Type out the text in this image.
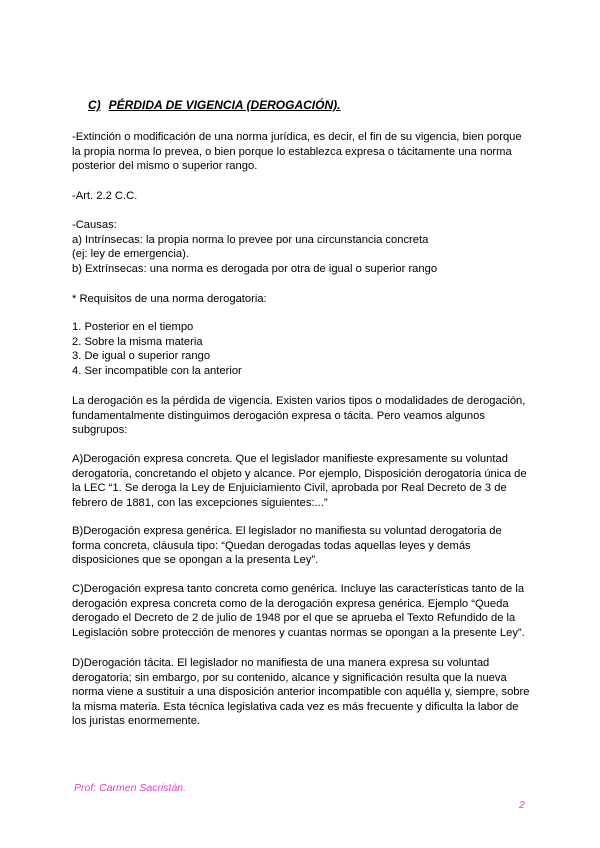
C) PÉRDIDA DE VIGENCIA (DEROGACIÓN).
-Extinción o modificación de una norma jurídica, es decir, el fin de su vigencia, bien porque
la propia norma lo prevea, o bien porque lo establezca expresa o tácitamente una norma
posterior del mismo o superior rango.
-Art. 2.2 C.C.
-Causas:
a) Intrínsecas: la propia norma lo prevee por una circunstancia concreta
(ej: ley de emergencia).
b) Extrínsecas: una norma es derogada por otra de igual o superior rango
* Requisitos de una norma derogatoria:
1. Posterior en el tiempo
2. Sobre la misma materia
3. De igual o superior rango
4. Ser incompatible con la anterior
La derogación es la pérdida de vigencia. Existen varios tipos o modalidades de derogación,
fundamentalmente distinguimos derogación expresa o tácita. Pero veamos algunos
subgrupos:
A)Derogación expresa concreta. Que el legislador manifieste expresamente su voluntad
derogatoria, concretando el objeto y alcance. Por ejemplo, Disposición derogatoria única de
la LEC “1. Se deroga la Ley de Enjuiciamiento Civil, aprobada por Real Decreto de 3 de
febrero de 1881, con las excepciones siguientes:...”
B)Derogación expresa genérica. El legislador no manifiesta su voluntad derogatoria de
forma concreta, cláusula tipo: “Quedan derogadas todas aquellas leyes y demás
disposiciones que se opongan a la presenta Ley”.
C)Derogación expresa tanto concreta como genérica. Incluye las características tanto de la
derogación expresa concreta como de la derogación expresa genérica. Ejemplo “Queda
derogado el Decreto de 2 de julio de 1948 por el que se aprueba el Texto Refundido de la
Legislación sobre protección de menores y cuantas normas se opongan a la presente Ley”.
D)Derogación tácita. El legislador no manifiesta de una manera expresa su voluntad
derogatoria; sin embargo, por su contenido, alcance y significación resulta que la nueva
norma viene a sustituir a una disposición anterior incompatible con aquélla y, siempre, sobre
la misma materia. Esta técnica legislativa cada vez es más frecuente y dificulta la labor de
los juristas enormemente.
Prof: Carmen Sacristán.
2
